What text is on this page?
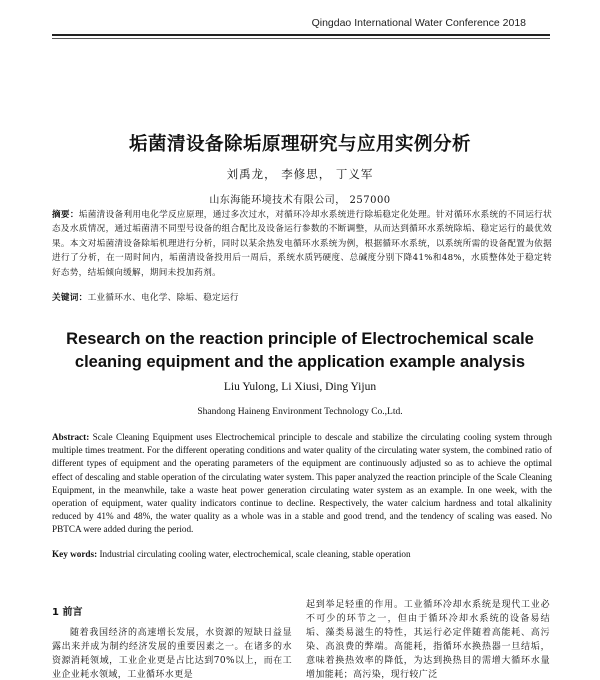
Qingdao International Water Conference 2018
垢菌清设备除垢原理研究与应用实例分析
刘禹龙， 李修思， 丁义军
山东海能环境技术有限公司， 257000
摘要：垢菌清设备利用电化学反应原理，通过多次过水，对循环冷却水系统进行除垢稳定化处理。针对循环水系统的不同运行状态及水质情况，通过垢菌清不同型号设备的组合配比及设备运行参数的不断调整，从而达到循环水系统除垢、稳定运行的最优效果。本文对垢菌清设备除垢机理进行分析，同时以某余热发电循环水系统为例，根据循环水系统，以系统所需的设备配置为依据进行了分析，在一周时间内，垢菌清设备投用后一周后，系统水质钙硬度、总碱度分别下降41%和48%，水质整体处于稳定转好态势，结垢倾向缓解，期间未投加药剂。
关键词：工业循环水、电化学、除垢、稳定运行
Research on the reaction principle of Electrochemical scale cleaning equipment and the application example analysis
Liu Yulong, Li Xiusi, Ding Yijun
Shandong Haineng Environment Technology Co.,Ltd.
Abstract: Scale Cleaning Equipment uses Electrochemical principle to descale and stabilize the circulating cooling system through multiple times treatment. For the different operating conditions and water quality of the circulating water system, the combined ratio of different types of equipment and the operating parameters of the equipment are continuously adjusted so as to achieve the optimal effect of descaling and stable operation of the circulating water system. This paper analyzed the reaction principle of the Scale Cleaning Equipment, in the meanwhile, take a waste heat power generation circulating water system as an example. In one week, with the operation of equipment, water quality indicators continue to decline. Respectively, the water calcium hardness and total alkalinity reduced by 41% and 48%, the water quality as a whole was in a stable and good trend, and the tendency of scaling was eased. No PBTCA were added during the period.
Key words: Industrial circulating cooling water, electrochemical, scale cleaning, stable operation
1 前言

随着我国经济的高速增长发展，水资源的短缺日益显露出来并成为制约经济发展的重要因素之一。在诸多的水资源消耗领域，工业企业更是占比达到70%以上，而在工业企业耗水领域，工业循环水更是

起到举足轻重的作用。工业循环冷却水系统是现代工业必不可少的环节之一，但由于循环冷却水系统的设备易结垢、藻类易滋生的特性，其运行必定伴随着高能耗、高污染、高浪费的弊端。高能耗，指循环水换热器一旦结垢，意味着换热效率的降低，为达到换热目的需增大循环水量增加能耗；高污染，现行较广泛
